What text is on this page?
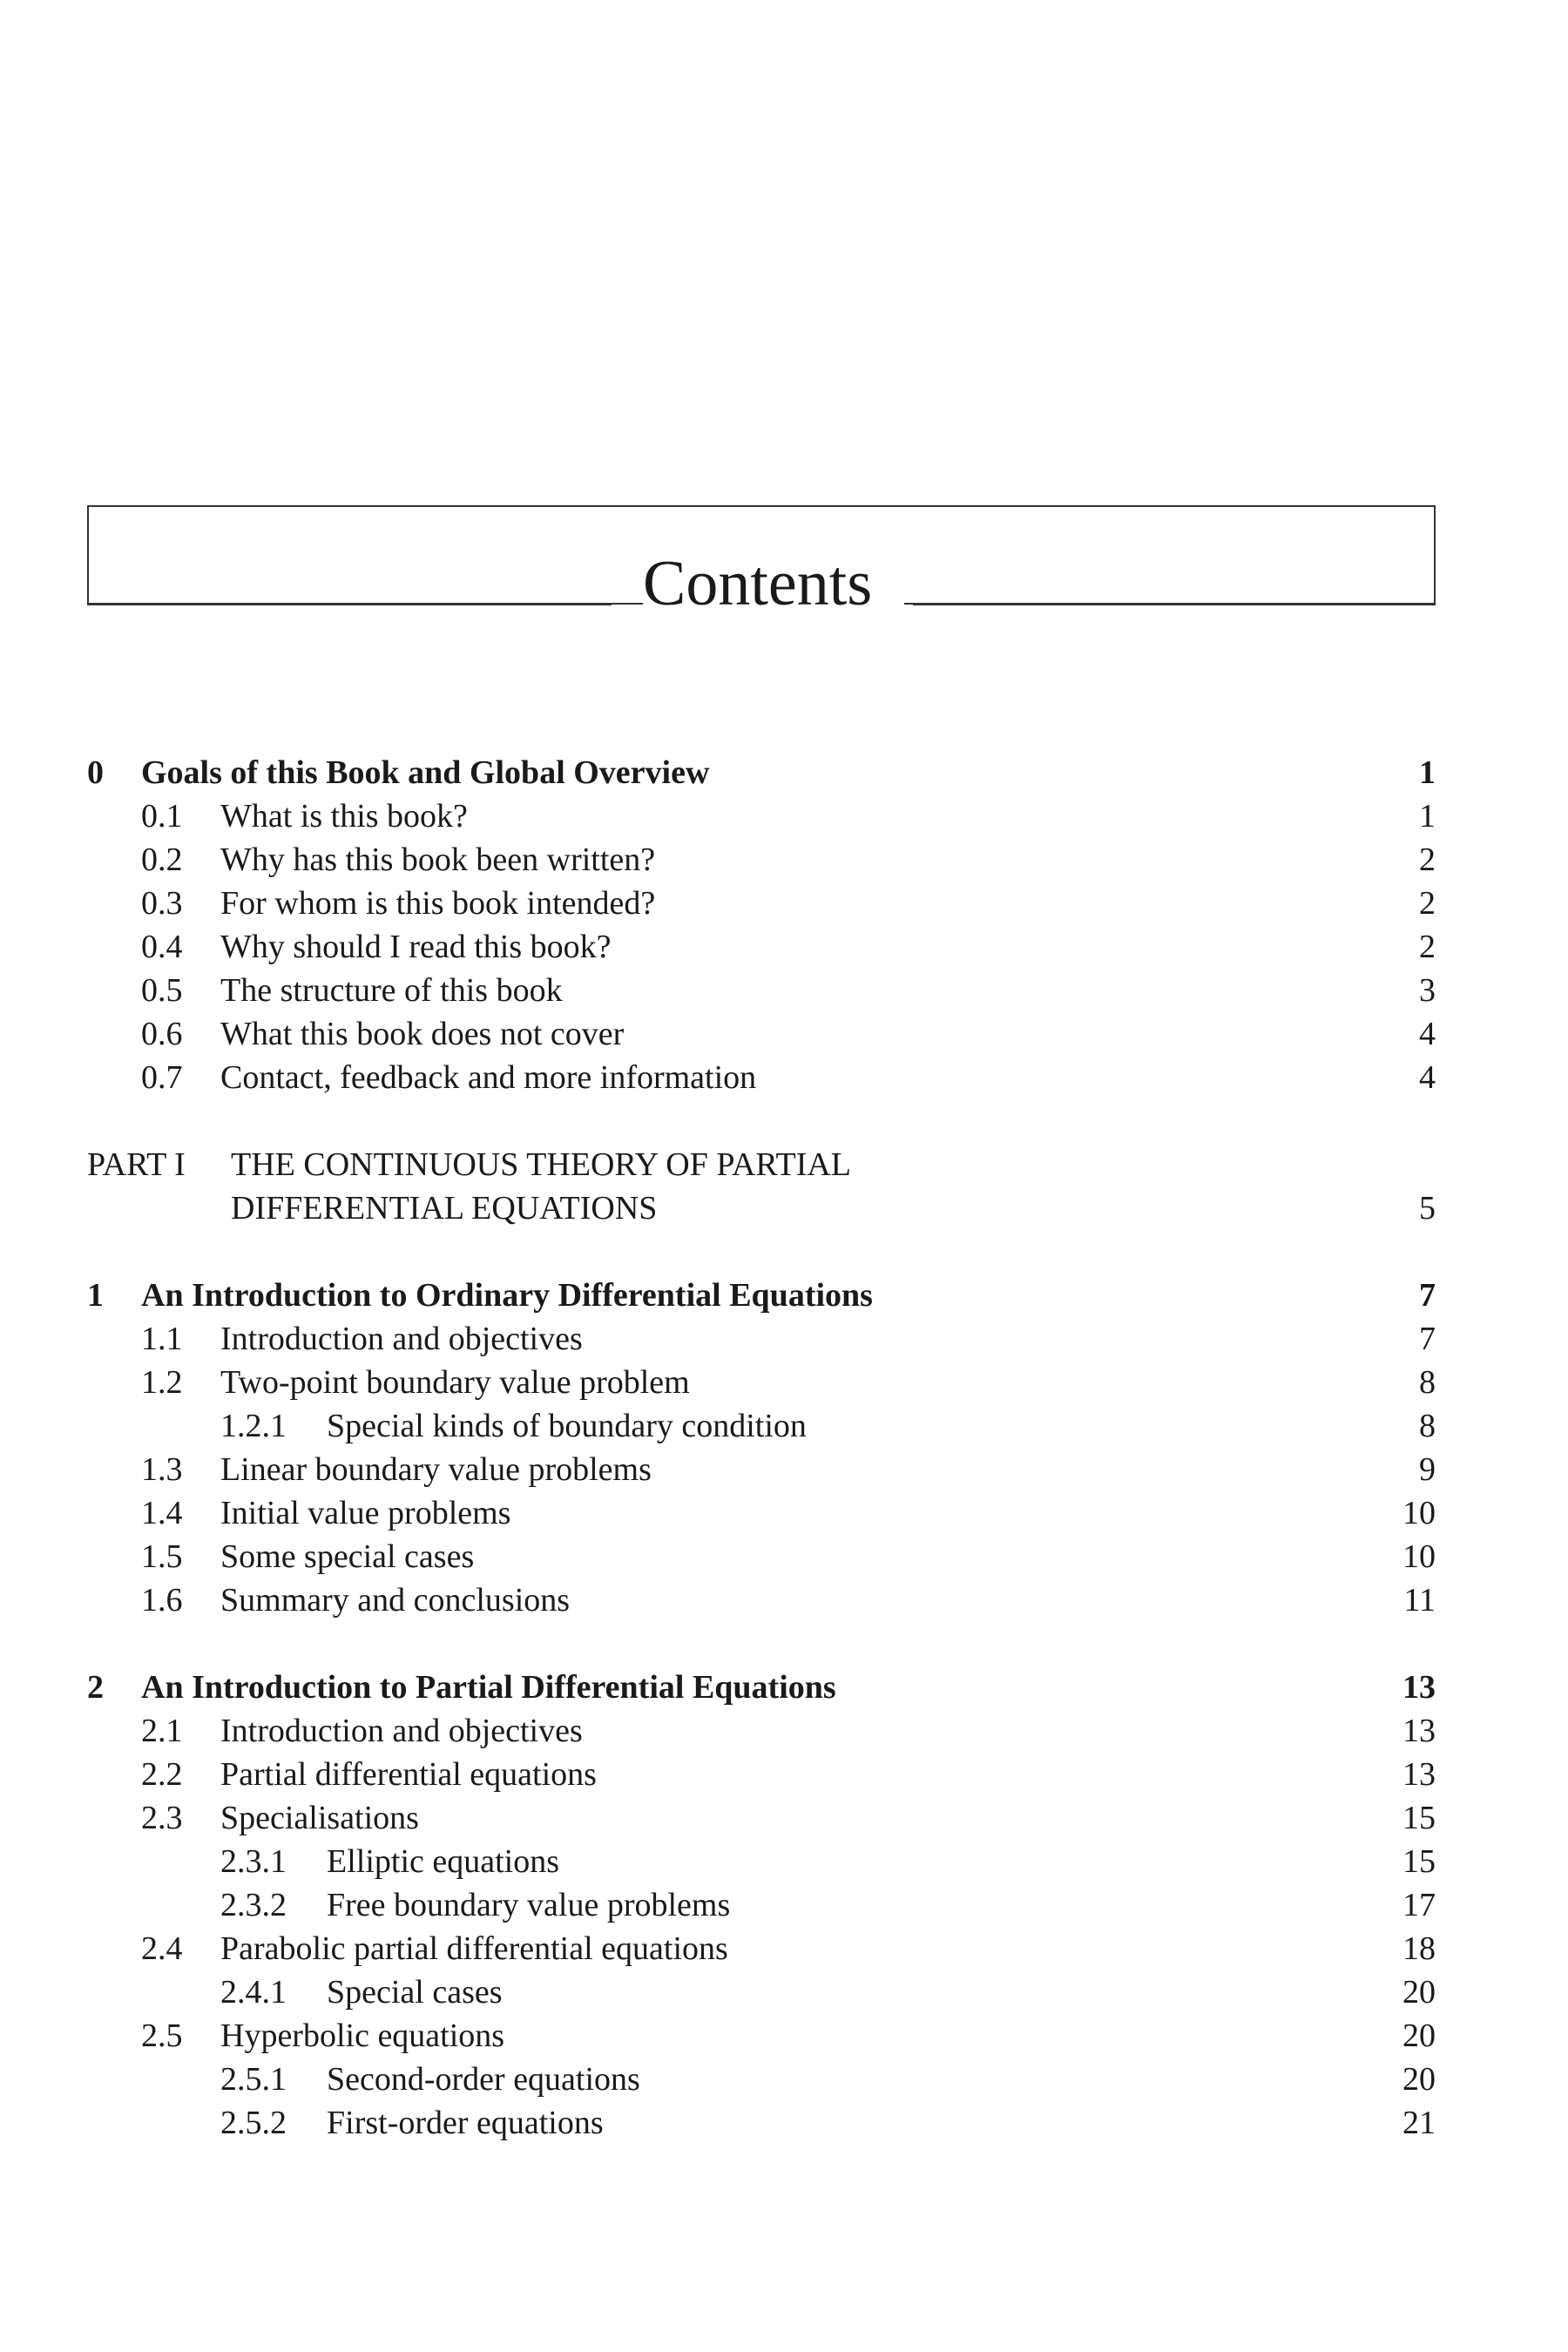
Contents
0 Goals of this Book and Global Overview	1
0.1 What is this book?	1
0.2 Why has this book been written?	2
0.3 For whom is this book intended?	2
0.4 Why should I read this book?	2
0.5 The structure of this book	3
0.6 What this book does not cover	4
0.7 Contact, feedback and more information	4
PART I THE CONTINUOUS THEORY OF PARTIAL
DIFFERENTIAL EQUATIONS	5
1 An Introduction to Ordinary Differential Equations	7
1.1 Introduction and objectives	7
1.2 Two-point boundary value problem	8
1.2.1 Special kinds of boundary condition	8
1.3 Linear boundary value problems	9
1.4 Initial value problems	10
1.5 Some special cases	10
1.6 Summary and conclusions	11
2 An Introduction to Partial Differential Equations	13
2.1 Introduction and objectives	13
2.2 Partial differential equations	13
2.3 Specialisations	15
2.3.1 Elliptic equations	15
2.3.2 Free boundary value problems	17
2.4 Parabolic partial differential equations	18
2.4.1 Special cases	20
2.5 Hyperbolic equations	20
2.5.1 Second-order equations	20
2.5.2 First-order equations	21
